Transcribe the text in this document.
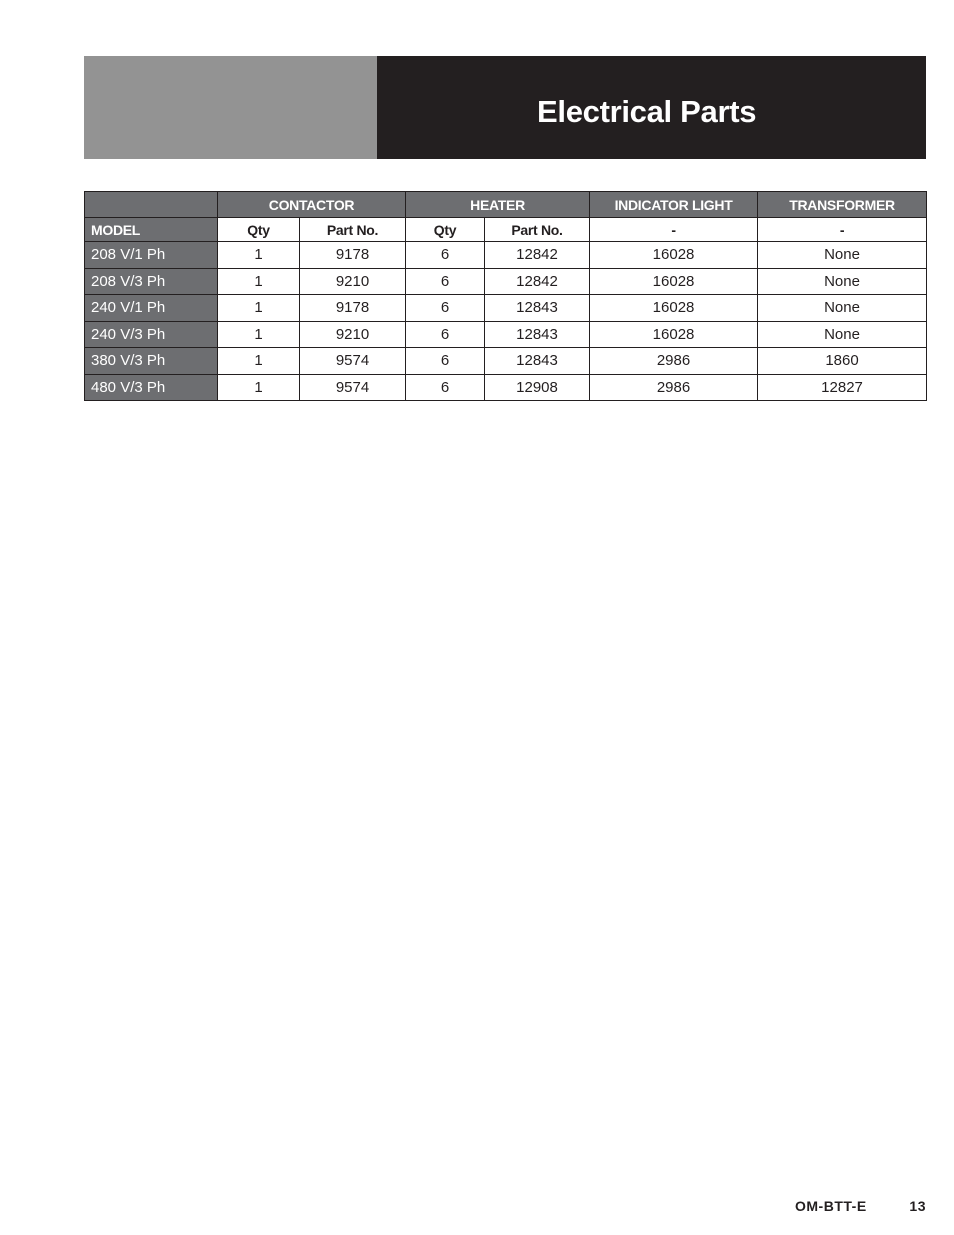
Electrical Parts
	CONTACTOR		HEATER		INDICATOR LIGHT	TRANSFORMER
MODEL	Qty	Part No.	Qty	Part No.	-	-
208 V/1 Ph	1	9178	6	12842	16028	None
208 V/3 Ph	1	9210	6	12842	16028	None
240 V/1 Ph	1	9178	6	12843	16028	None
240 V/3 Ph	1	9210	6	12843	16028	None
380 V/3 Ph	1	9574	6	12843	2986	1860
480 V/3 Ph	1	9574	6	12908	2986	12827
OM-BTT-E	13
